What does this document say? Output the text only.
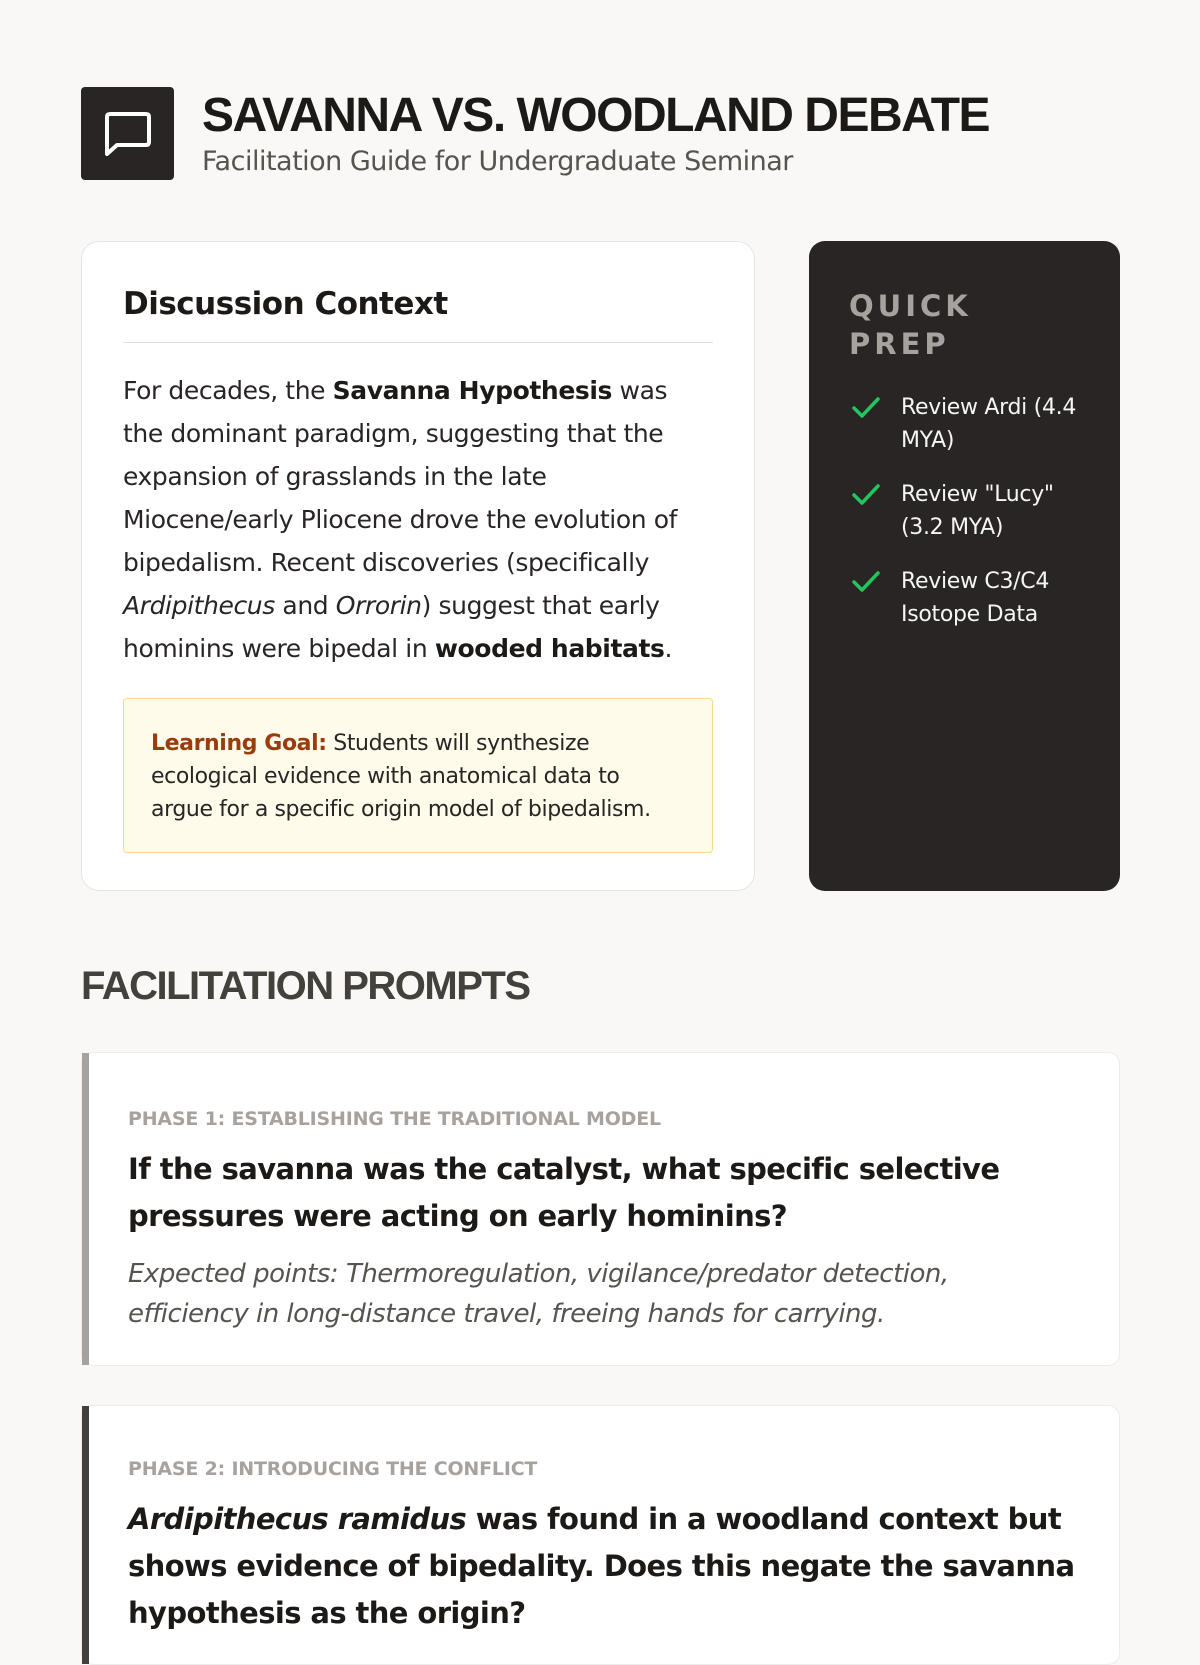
SAVANNA VS. WOODLAND DEBATE
Facilitation Guide for Undergraduate Seminar
Discussion Context

For decades, the Savanna Hypothesis was the dominant paradigm, suggesting that the expansion of grasslands in the late Miocene/early Pliocene drove the evolution of bipedalism. Recent discoveries (specifically Ardipithecus and Orrorin) suggest that early hominins were bipedal in wooded habitats.

Learning Goal: Students will synthesize ecological evidence with anatomical data to argue for a specific origin model of bipedalism.
QUICK PREP
Review Ardi (4.4 MYA)
Review "Lucy" (3.2 MYA)
Review C3/C4 Isotope Data
FACILITATION PROMPTS
PHASE 1: ESTABLISHING THE TRADITIONAL MODEL
If the savanna was the catalyst, what specific selective pressures were acting on early hominins?
Expected points: Thermoregulation, vigilance/predator detection, efficiency in long-distance travel, freeing hands for carrying.
PHASE 2: INTRODUCING THE CONFLICT
Ardipithecus ramidus was found in a woodland context but shows evidence of bipedality. Does this negate the savanna hypothesis as the origin?
